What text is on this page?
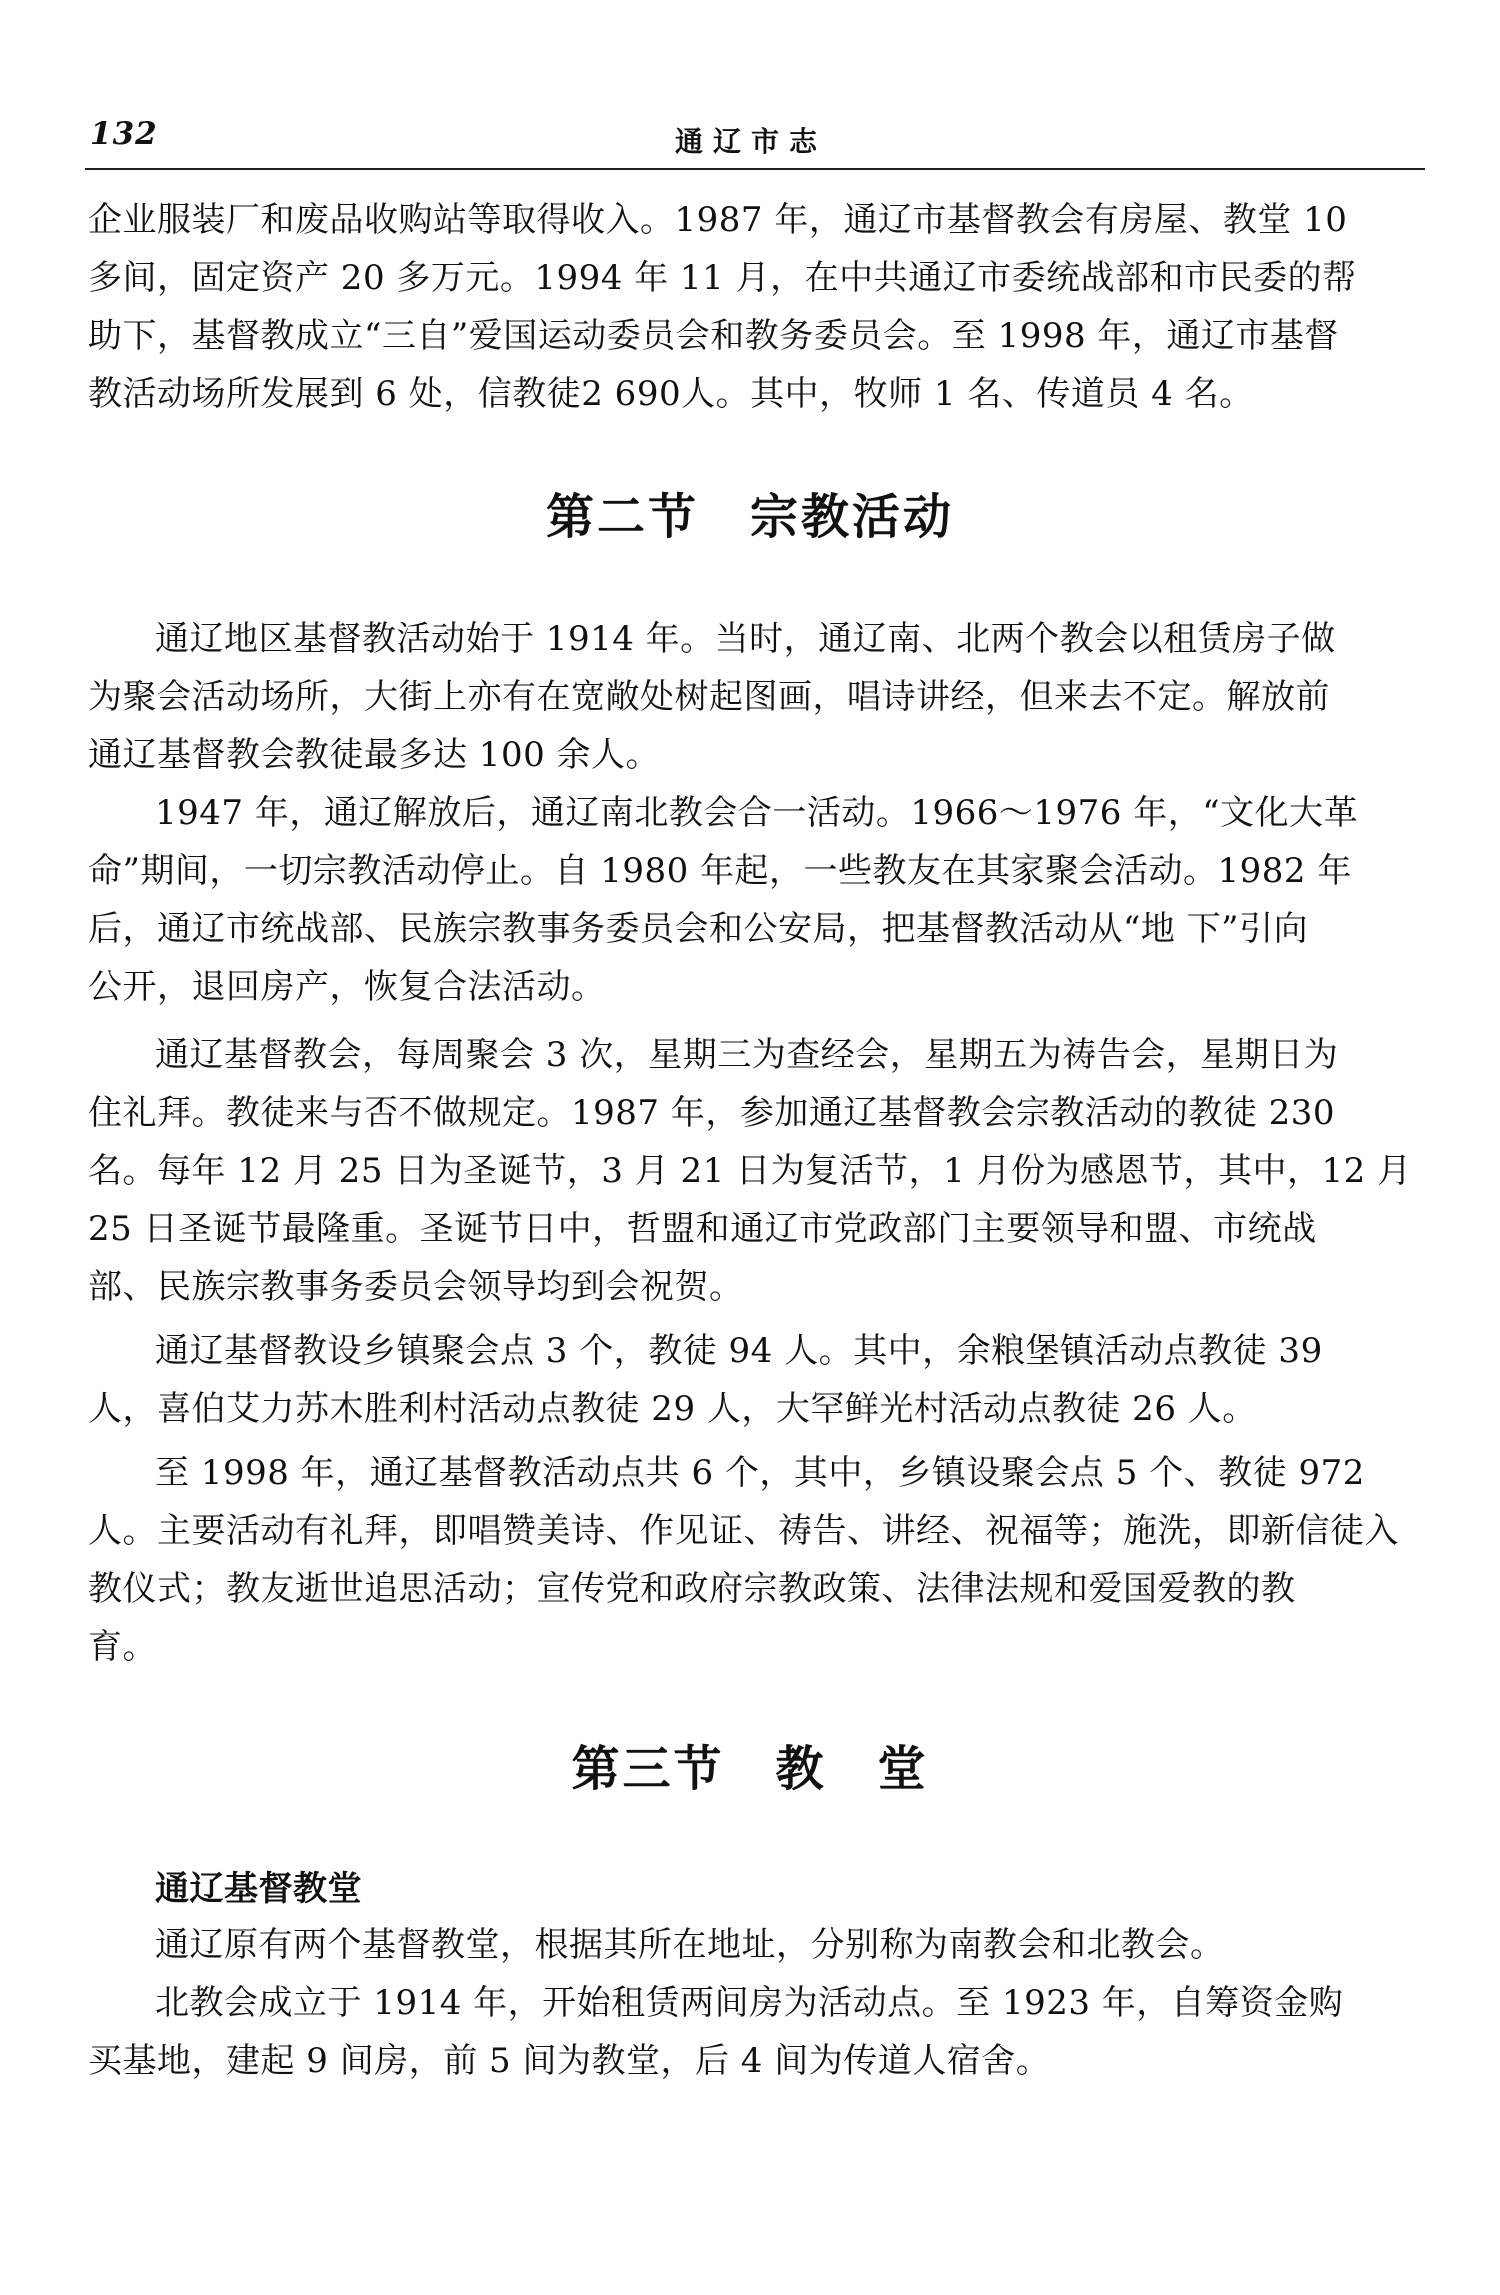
132	通辽市志
企业服装厂和废品收购站等取得收入。1987 年，通辽市基督教会有房屋、教堂 10
多间，固定资产 20 多万元。1994 年 11 月，在中共通辽市委统战部和市民委的帮
助下，基督教成立“三自”爱国运动委员会和教务委员会。至 1998 年，通辽市基督
教活动场所发展到 6 处，信教徒2 690人。其中，牧师 1 名、传道员 4 名。
第二节　宗教活动
通辽地区基督教活动始于 1914 年。当时，通辽南、北两个教会以租赁房子做
为聚会活动场所，大街上亦有在宽敞处树起图画，唱诗讲经，但来去不定。解放前
通辽基督教会教徒最多达 100 余人。
1947 年，通辽解放后，通辽南北教会合一活动。1966～1976 年，“文化大革
命”期间，一切宗教活动停止。自 1980 年起，一些教友在其家聚会活动。1982 年
后，通辽市统战部、民族宗教事务委员会和公安局，把基督教活动从“地 下”引向
公开，退回房产，恢复合法活动。
通辽基督教会，每周聚会 3 次，星期三为查经会，星期五为祷告会，星期日为
住礼拜。教徒来与否不做规定。1987 年，参加通辽基督教会宗教活动的教徒 230
名。每年 12 月 25 日为圣诞节，3 月 21 日为复活节，1 月份为感恩节，其中，12 月
25 日圣诞节最隆重。圣诞节日中，哲盟和通辽市党政部门主要领导和盟、市统战
部、民族宗教事务委员会领导均到会祝贺。
通辽基督教设乡镇聚会点 3 个，教徒 94 人。其中，余粮堡镇活动点教徒 39
人，喜伯艾力苏木胜利村活动点教徒 29 人，大罕鲜光村活动点教徒 26 人。
至 1998 年，通辽基督教活动点共 6 个，其中，乡镇设聚会点 5 个、教徒 972
人。主要活动有礼拜，即唱赞美诗、作见证、祷告、讲经、祝福等；施洗，即新信徒入
教仪式；教友逝世追思活动；宣传党和政府宗教政策、法律法规和爱国爱教的教
育。
第三节　教　堂
通辽基督教堂
通辽原有两个基督教堂，根据其所在地址，分别称为南教会和北教会。
北教会成立于 1914 年，开始租赁两间房为活动点。至 1923 年，自筹资金购
买基地，建起 9 间房，前 5 间为教堂，后 4 间为传道人宿舍。
